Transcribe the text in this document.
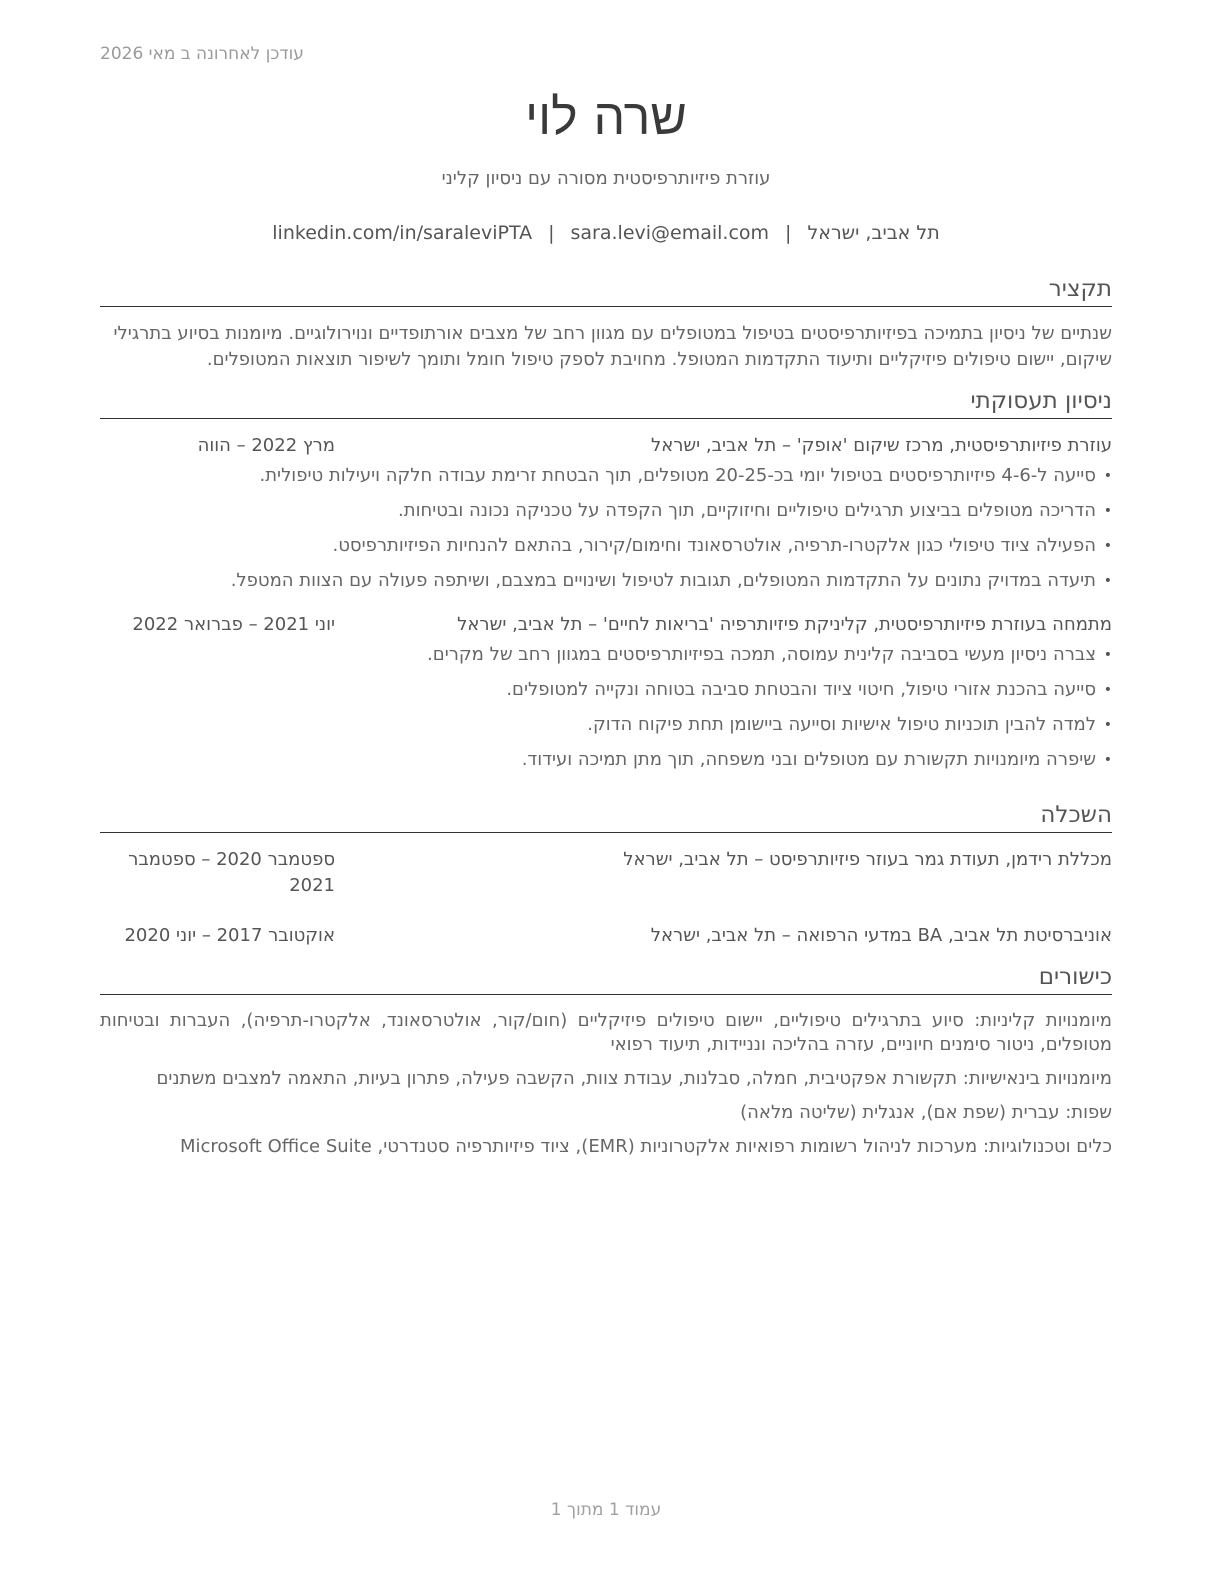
עודכן לאחרונה ב מאי 2026
שרה לוי
עוזרת פיזיותרפיסטית מסורה עם ניסיון קליני
תל אביב, ישראל|sara.levi@email.com|linkedin.com/in/saraleviPTA
תקציר
שנתיים של ניסיון בתמיכה בפיזיותרפיסטים בטיפול במטופלים עם מגוון רחב של מצבים אורתופדיים ונוירולוגיים. מיומנות בסיוע בתרגילי שיקום, יישום טיפולים פיזיקליים ותיעוד התקדמות המטופל. מחויבת לספק טיפול חומל ותומך לשיפור תוצאות המטופלים.
ניסיון תעסוקתי
עוזרת פיזיותרפיסטית, מרכז שיקום 'אופק' – תל אביב, ישראל
מרץ 2022 – הווה
• סייעה ל-4-6 פיזיותרפיסטים בטיפול יומי בכ-20-25 מטופלים, תוך הבטחת זרימת עבודה חלקה ויעילות טיפולית.
• הדריכה מטופלים בביצוע תרגילים טיפוליים וחיזוקיים, תוך הקפדה על טכניקה נכונה ובטיחות.
• הפעילה ציוד טיפולי כגון אלקטרו-תרפיה, אולטרסאונד וחימום/קירור, בהתאם להנחיות הפיזיותרפיסט.
• תיעדה במדויק נתונים על התקדמות המטופלים, תגובות לטיפול ושינויים במצבם, ושיתפה פעולה עם הצוות המטפל.
מתמחה בעוזרת פיזיותרפיסטית, קליניקת פיזיותרפיה 'בריאות לחיים' – תל אביב, ישראל
יוני 2021 – פברואר 2022
• צברה ניסיון מעשי בסביבה קלינית עמוסה, תמכה בפיזיותרפיסטים במגוון רחב של מקרים.
• סייעה בהכנת אזורי טיפול, חיטוי ציוד והבטחת סביבה בטוחה ונקייה למטופלים.
• למדה להבין תוכניות טיפול אישיות וסייעה ביישומן תחת פיקוח הדוק.
• שיפרה מיומנויות תקשורת עם מטופלים ובני משפחה, תוך מתן תמיכה ועידוד.
השכלה
מכללת רידמן, תעודת גמר בעוזר פיזיותרפיסט – תל אביב, ישראל
ספטמבר 2020 – ספטמבר 2021
אוניברסיטת תל אביב, BA במדעי הרפואה – תל אביב, ישראל
אוקטובר 2017 – יוני 2020
כישורים
מיומנויות קליניות: סיוע בתרגילים טיפוליים, יישום טיפולים פיזיקליים (חום/קור, אולטרסאונד, אלקטרו-תרפיה), העברות ובטיחות מטופלים, ניטור סימנים חיוניים, עזרה בהליכה ונניידות, תיעוד רפואי
מיומנויות בינאישיות: תקשורת אפקטיבית, חמלה, סבלנות, עבודת צוות, הקשבה פעילה, פתרון בעיות, התאמה למצבים משתנים
שפות: עברית (שפת אם), אנגלית (שליטה מלאה)
כלים וטכנולוגיות: מערכות לניהול רשומות רפואיות אלקטרוניות (EMR), ציוד פיזיותרפיה סטנדרטי, Microsoft Office Suite
עמוד 1 מתוך 1
